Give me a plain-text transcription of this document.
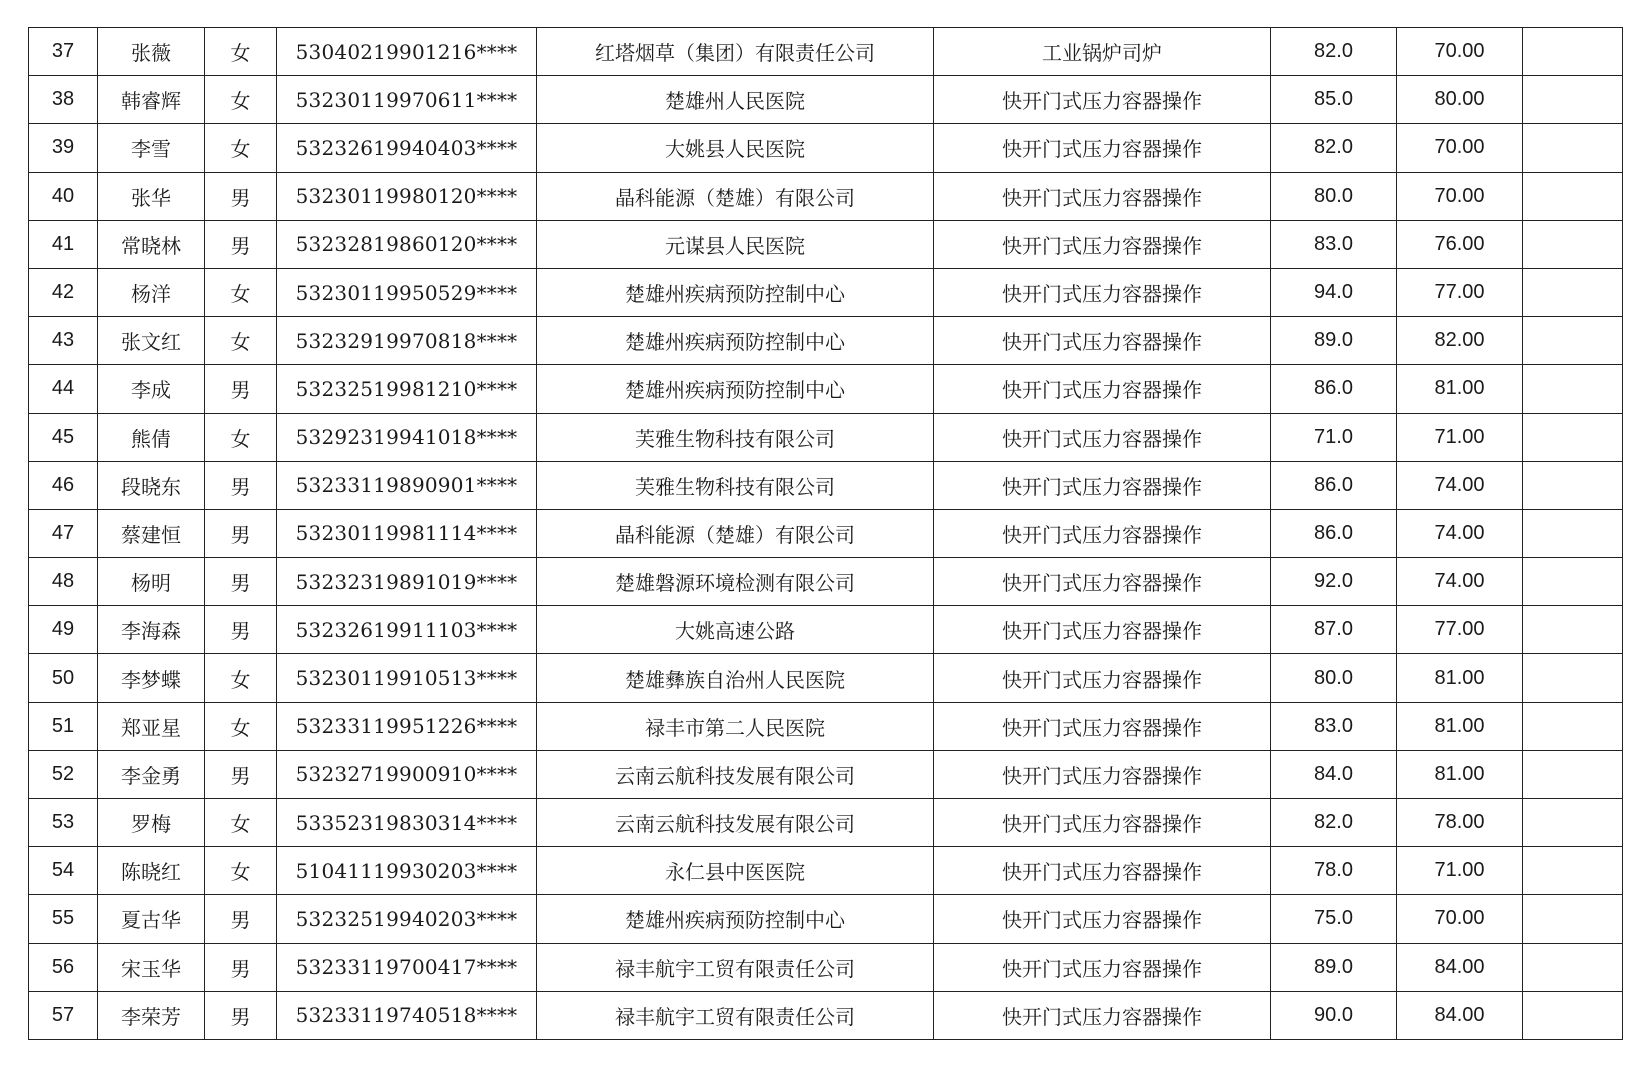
37	张薇	女	53040219901216****	红塔烟草（集团）有限责任公司	工业锅炉司炉	82.0	70.00	
38	韩睿辉	女	53230119970611****	楚雄州人民医院	快开门式压力容器操作	85.0	80.00	
39	李雪	女	53232619940403****	大姚县人民医院	快开门式压力容器操作	82.0	70.00	
40	张华	男	53230119980120****	晶科能源（楚雄）有限公司	快开门式压力容器操作	80.0	70.00	
41	常晓林	男	53232819860120****	元谋县人民医院	快开门式压力容器操作	83.0	76.00	
42	杨洋	女	53230119950529****	楚雄州疾病预防控制中心	快开门式压力容器操作	94.0	77.00	
43	张文红	女	53232919970818****	楚雄州疾病预防控制中心	快开门式压力容器操作	89.0	82.00	
44	李成	男	53232519981210****	楚雄州疾病预防控制中心	快开门式压力容器操作	86.0	81.00	
45	熊倩	女	53292319941018****	芙雅生物科技有限公司	快开门式压力容器操作	71.0	71.00	
46	段晓东	男	53233119890901****	芙雅生物科技有限公司	快开门式压力容器操作	86.0	74.00	
47	蔡建恒	男	53230119981114****	晶科能源（楚雄）有限公司	快开门式压力容器操作	86.0	74.00	
48	杨明	男	53232319891019****	楚雄磐源环境检测有限公司	快开门式压力容器操作	92.0	74.00	
49	李海森	男	53232619911103****	大姚高速公路	快开门式压力容器操作	87.0	77.00	
50	李梦蝶	女	53230119910513****	楚雄彝族自治州人民医院	快开门式压力容器操作	80.0	81.00	
51	郑亚星	女	53233119951226****	禄丰市第二人民医院	快开门式压力容器操作	83.0	81.00	
52	李金勇	男	53232719900910****	云南云航科技发展有限公司	快开门式压力容器操作	84.0	81.00	
53	罗梅	女	53352319830314****	云南云航科技发展有限公司	快开门式压力容器操作	82.0	78.00	
54	陈晓红	女	51041119930203****	永仁县中医医院	快开门式压力容器操作	78.0	71.00	
55	夏古华	男	53232519940203****	楚雄州疾病预防控制中心	快开门式压力容器操作	75.0	70.00	
56	宋玉华	男	53233119700417****	禄丰航宇工贸有限责任公司	快开门式压力容器操作	89.0	84.00	
57	李荣芳	男	53233119740518****	禄丰航宇工贸有限责任公司	快开门式压力容器操作	90.0	84.00	
